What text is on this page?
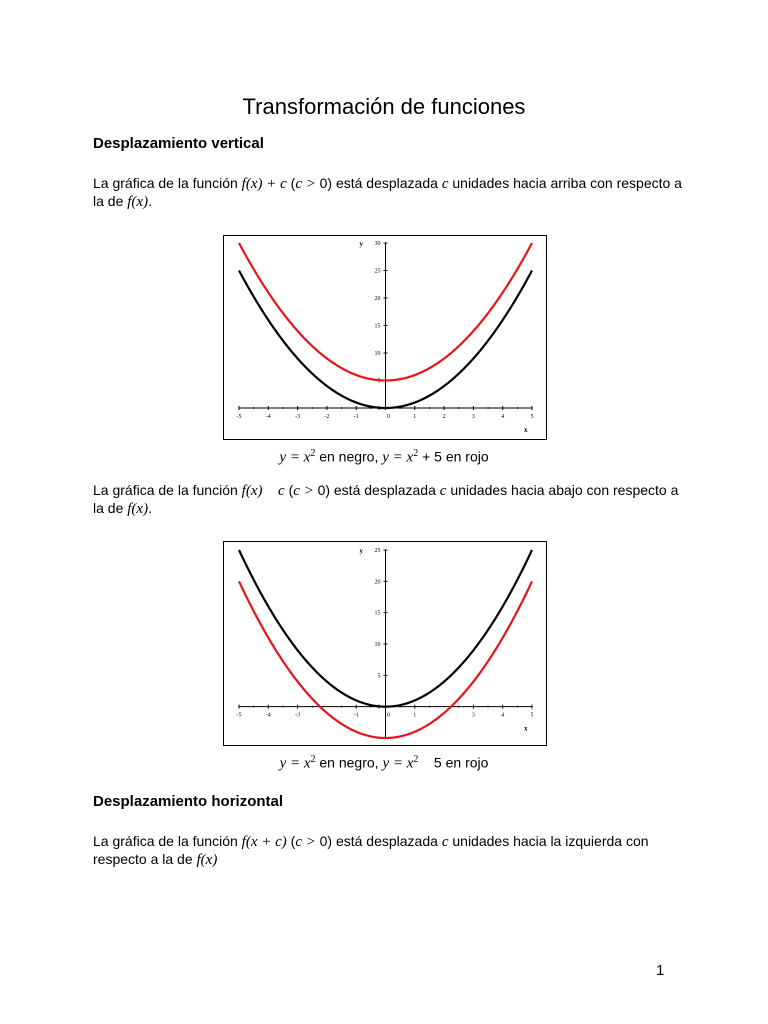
Transformación de funciones
Desplazamiento vertical
La gráfica de la función f(x) + c (c > 0) está desplazada c unidades hacia arriba con respecto a la de f(x).
-5	-4	-3	-2	-1	0	1	2	3	4	5
0
5
10
15
20
25
30
y
x
$y = x^2$ en negro, $y = x^2 + 5$ en rojo
La gráfica de la función f(x) c (c > 0) está desplazada c unidades hacia abajo con respecto a la de f(x).
-5	-4	-3	-1	0	1	3	4	5
0
5
10
15
20
25
y
x
$y = x^2$ en negro, $y = x^2$    5 en rojo
Desplazamiento horizontal
La gráfica de la función f(x + c) (c > 0) está desplazada c unidades hacia la izquierda con respecto a la de f(x)
1
